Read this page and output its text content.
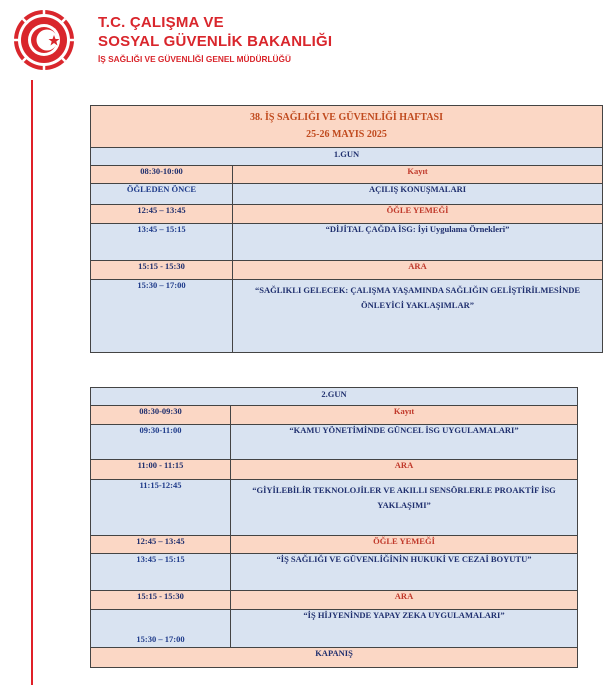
T.C. ÇALIŞMA VE
SOSYAL GÜVENLİK BAKANLIĞI
İŞ SAĞLIĞI VE GÜVENLİĞİ GENEL MÜDÜRLÜĞÜ
38. İŞ SAĞLIĞI VE GÜVENLİĞİ HAFTASI
25-26 MAYIS 2025	

1.GUN	
08:30-10:00	Kayıt
ÖĞLEDEN ÖNCE	AÇILIŞ KONUŞMALARI
12:45 – 13:45	ÖĞLE YEMEĞİ
13:45 – 15:15	“DİJİTAL ÇAĞDA İSG: İyi Uygulama Örnekleri”
15:15 - 15:30	ARA
15:30 – 17:00	“SAĞLIKLI GELECEK: ÇALIŞMA YAŞAMINDA SAĞLIĞIN GELİŞTİRİLMESİNDE ÖNLEYİCİ YAKLAŞIMLAR”
2.GUN	
08:30-09:30	Kayıt
09:30-11:00	“KAMU YÖNETİMİNDE GÜNCEL İSG UYGULAMALARI”
11:00 - 11:15	ARA
11:15-12:45	“GİYİLEBİLİR TEKNOLOJİLER VE AKILLI SENSÖRLERLE PROAKTİF İSG YAKLAŞIMI”
12:45 – 13:45	ÖĞLE YEMEĞİ
13:45 – 15:15	“İŞ SAĞLIĞI VE GÜVENLİĞİNİN HUKUKİ VE CEZAİ BOYUTU”
15:15 - 15:30	ARA
15:30 – 17:00	“İŞ HİJYENİNDE YAPAY ZEKA UYGULAMALARI”
KAPANIŞ	
